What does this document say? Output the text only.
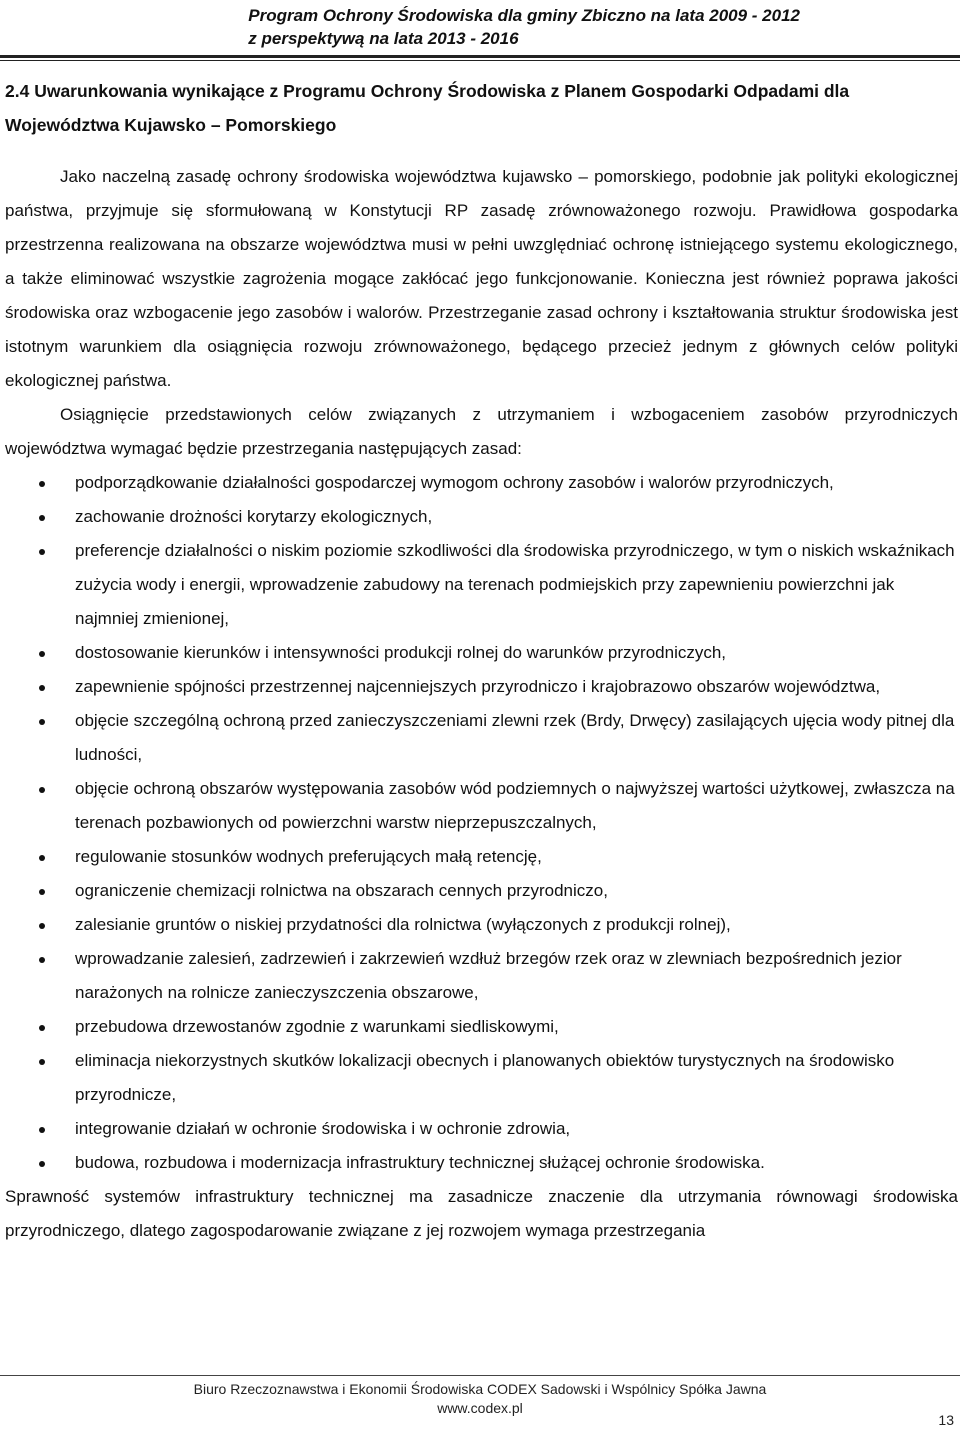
Program Ochrony Środowiska dla gminy Zbiczno na lata 2009 - 2012
z perspektywą na lata 2013 - 2016
2.4 Uwarunkowania wynikające z Programu Ochrony Środowiska z Planem Gospodarki Odpadami dla Województwa Kujawsko – Pomorskiego

Jako naczelną zasadę ochrony środowiska województwa kujawsko – pomorskiego, podobnie jak polityki ekologicznej państwa, przyjmuje się sformułowaną w Konstytucji RP zasadę zrównoważonego rozwoju. Prawidłowa gospodarka przestrzenna realizowana na obszarze województwa musi w pełni uwzględniać ochronę istniejącego systemu ekologicznego, a także eliminować wszystkie zagrożenia mogące zakłócać jego funkcjonowanie. Konieczna jest również poprawa jakości środowiska oraz wzbogacenie jego zasobów i walorów. Przestrzeganie zasad ochrony i kształtowania struktur środowiska jest istotnym warunkiem dla osiągnięcia rozwoju zrównoważonego, będącego przecież jednym z głównych celów polityki ekologicznej państwa.

Osiągnięcie przedstawionych celów związanych z utrzymaniem i wzbogaceniem zasobów przyrodniczych województwa wymagać będzie przestrzegania następujących zasad:

podporządkowanie działalności gospodarczej wymogom ochrony zasobów i walorów przyrodniczych,
zachowanie drożności korytarzy ekologicznych,
preferencje działalności o niskim poziomie szkodliwości dla środowiska przyrodniczego, w tym o niskich wskaźnikach zużycia wody i energii, wprowadzenie zabudowy na terenach podmiejskich przy zapewnieniu powierzchni jak najmniej zmienionej,
dostosowanie kierunków i intensywności produkcji rolnej do warunków przyrodniczych,
zapewnienie spójności przestrzennej najcenniejszych przyrodniczo i krajobrazowo obszarów województwa,
objęcie szczególną ochroną przed zanieczyszczeniami zlewni rzek (Brdy, Drwęcy) zasilających ujęcia wody pitnej dla ludności,
objęcie ochroną obszarów występowania zasobów wód podziemnych o najwyższej wartości użytkowej, zwłaszcza na terenach pozbawionych od powierzchni warstw nieprzepuszczalnych,
regulowanie stosunków wodnych preferujących małą retencję,
ograniczenie chemizacji rolnictwa na obszarach cennych przyrodniczo,
zalesianie gruntów o niskiej przydatności dla rolnictwa (wyłączonych z produkcji rolnej),
wprowadzanie zalesień, zadrzewień i zakrzewień wzdłuż brzegów rzek oraz w zlewniach bezpośrednich jezior narażonych na rolnicze zanieczyszczenia obszarowe,
przebudowa drzewostanów zgodnie z warunkami siedliskowymi,
eliminacja niekorzystnych skutków lokalizacji obecnych i planowanych obiektów turystycznych na środowisko przyrodnicze,
integrowanie działań w ochronie środowiska i w ochronie zdrowia,
budowa, rozbudowa i modernizacja infrastruktury technicznej służącej ochronie środowiska.

Sprawność systemów infrastruktury technicznej ma zasadnicze znaczenie dla utrzymania równowagi środowiska przyrodniczego, dlatego zagospodarowanie związane z jej rozwojem wymaga przestrzegania

Biuro Rzeczoznawstwa i Ekonomii Środowiska CODEX Sadowski i Wspólnicy Spółka Jawna
www.codex.pl
13
